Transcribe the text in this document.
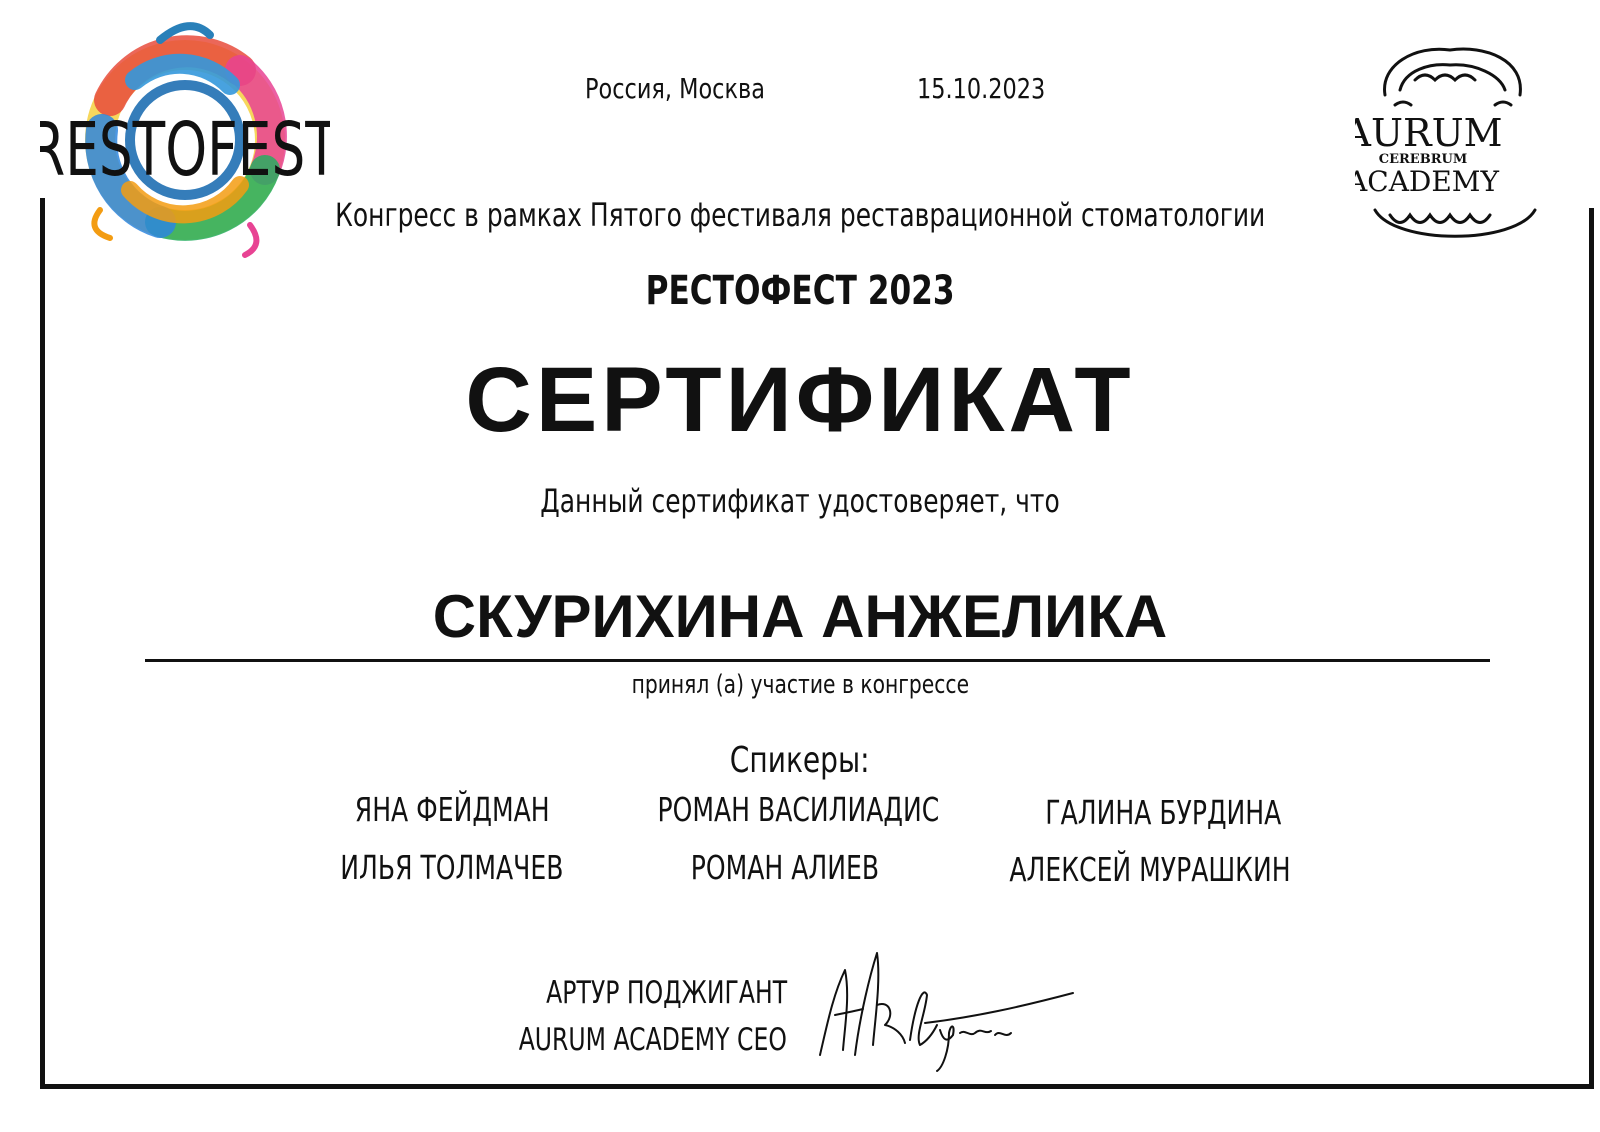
RESTOFEST	AURUM
CEREBRUM
ACADEMY
Россия, Москва	15.10.2023
Конгресс в рамках Пятого фестиваля реставрационной стоматологии
РЕСТОФЕСТ 2023
СЕРТИФИКАТ
Данный сертификат удостоверяет, что
СКУРИХИНА АНЖЕЛИКА
принял (а) участие в конгрессе
Спикеры:
ЯНА ФЕЙДМАН	РОМАН ВАСИЛИАДИС	ГАЛИНА БУРДИНА
ИЛЬЯ ТОЛМАЧЕВ	РОМАН АЛИЕВ	АЛЕКСЕЙ МУРАШКИН
АРТУР ПОДЖИГАНТ
AURUM ACADEMY CEO
